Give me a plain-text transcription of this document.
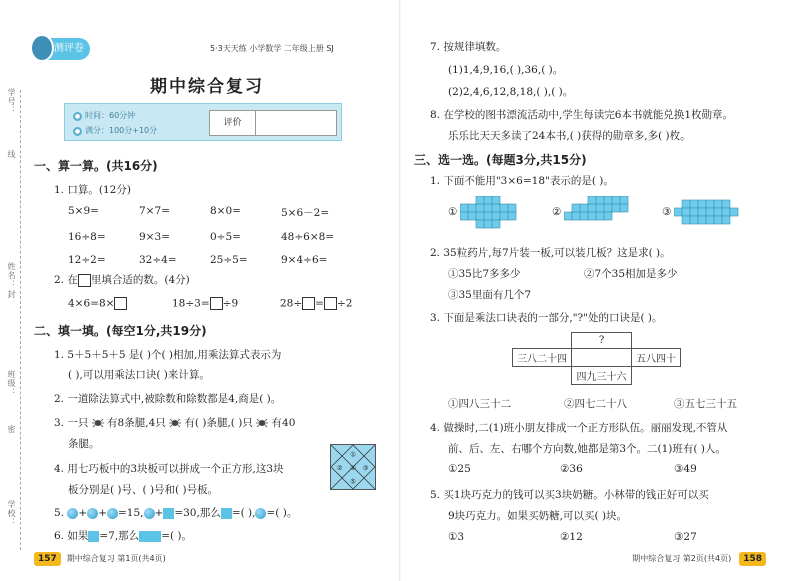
学号：
线
姓名：
封
班级：
密
学校：
测评卷	5·3天天练 小学数学 二年级上册 SJ
期中综合复习
● 时间：60分钟
● 满分：100分+10分
评价
一、算一算。(共16分)
1. 口算。(12分)
5×9=	7×7=	8×0=	5×6－2=
16÷8=	9×3=	0÷5=	48÷6×8=
12÷2=	32÷4=	25÷5=	9×4÷6=
2. 在 里填合适的数。(4分)
4×6=8×	18÷3= ÷9	28÷ = ÷2
二、填一填。(每空1分,共19分)
1. 5＋5＋5＋5 是( )个( )相加,用乘法算式表示为
( ),可以用乘法口诀( )来计算。
2. 一道除法算式中,被除数和除数都是4,商是( )。
3. 一只 有8条腿,4只 有( )条腿,( )只 有40
条腿。
4. 用七巧板中的3块板可以拼成一个正方形,这3块
板分别是( )号、( )号和( )号板。
①
②	③
④
⑤
5. + + =15, + =30,那么 =( ), =( )。
6. 如果 =7,那么 =( )。
157 期中综合复习 第1页(共4页)
7. 按规律填数。
(1)1,4,9,16,( ),36,( )。
(2)2,4,6,12,8,18,( ),( )。
8. 在学校的图书漂流活动中,学生每读完6本书就能兑换1枚勋章。
乐乐比天天多读了24本书,( )获得的勋章多,多( )枚。
三、选一选。(每题3分,共15分)
1. 下面不能用"3×6=18"表示的是( )。
①	②	③
2. 35粒药片,每7片装一板,可以装几板？这是求( )。
①35比7多多少	②7个35相加是多少
③35里面有几个7
3. 下面是乘法口诀表的一部分,"?"处的口诀是( )。
	?	
三八二十四		五八四十
	四九三十六	
①四八三十二	②四七二十八	③五七三十五
4. 做操时,二(1)班小朋友排成一个正方形队伍。丽丽发现,不管从
前、后、左、右哪个方向数,她都是第3个。二(1)班有( )人。
①25	②36	③49
5. 买1块巧克力的钱可以买3块奶糖。小林带的钱正好可以买
9块巧克力。如果买奶糖,可以买( )块。
①3	②12	③27
期中综合复习 第2页(共4页) 158
